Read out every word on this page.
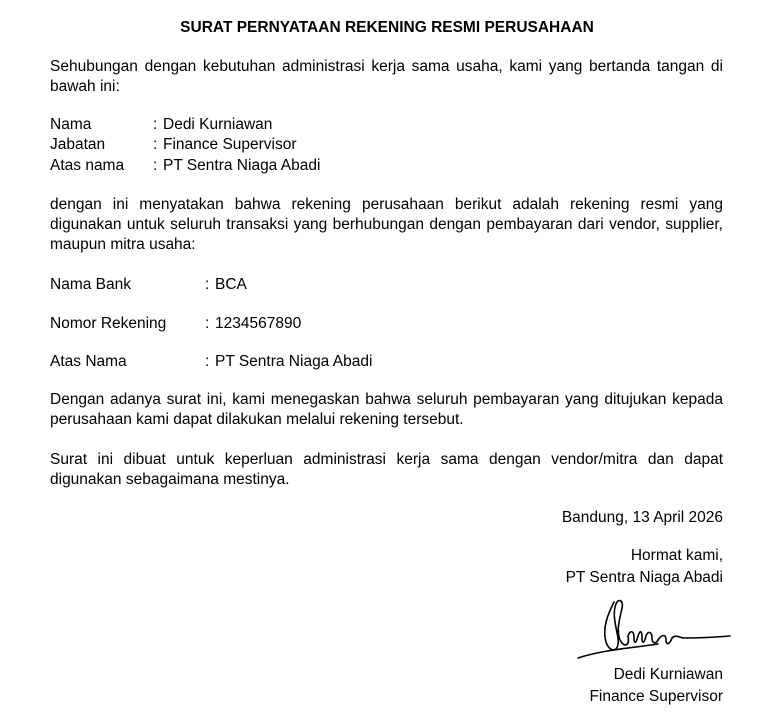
SURAT PERNYATAAN REKENING RESMI PERUSAHAAN

Sehubungan dengan kebutuhan administrasi kerja sama usaha, kami yang bertanda tangan di bawah ini:

Nama	: Dedi Kurniawan
Jabatan	: Finance Supervisor
Atas nama : PT Sentra Niaga Abadi

dengan ini menyatakan bahwa rekening perusahaan berikut adalah rekening resmi yang digunakan untuk seluruh transaksi yang berhubungan dengan pembayaran dari vendor, supplier, maupun mitra usaha:

Nama Bank	: BCA
Nomor Rekening : 1234567890
Atas Nama	: PT Sentra Niaga Abadi

Dengan adanya surat ini, kami menegaskan bahwa seluruh pembayaran yang ditujukan kepada perusahaan kami dapat dilakukan melalui rekening tersebut.

Surat ini dibuat untuk keperluan administrasi kerja sama dengan vendor/mitra dan dapat digunakan sebagaimana mestinya.

Bandung, 13 April 2026
Hormat kami,
PT Sentra Niaga Abadi
Dedi Kurniawan
Finance Supervisor
